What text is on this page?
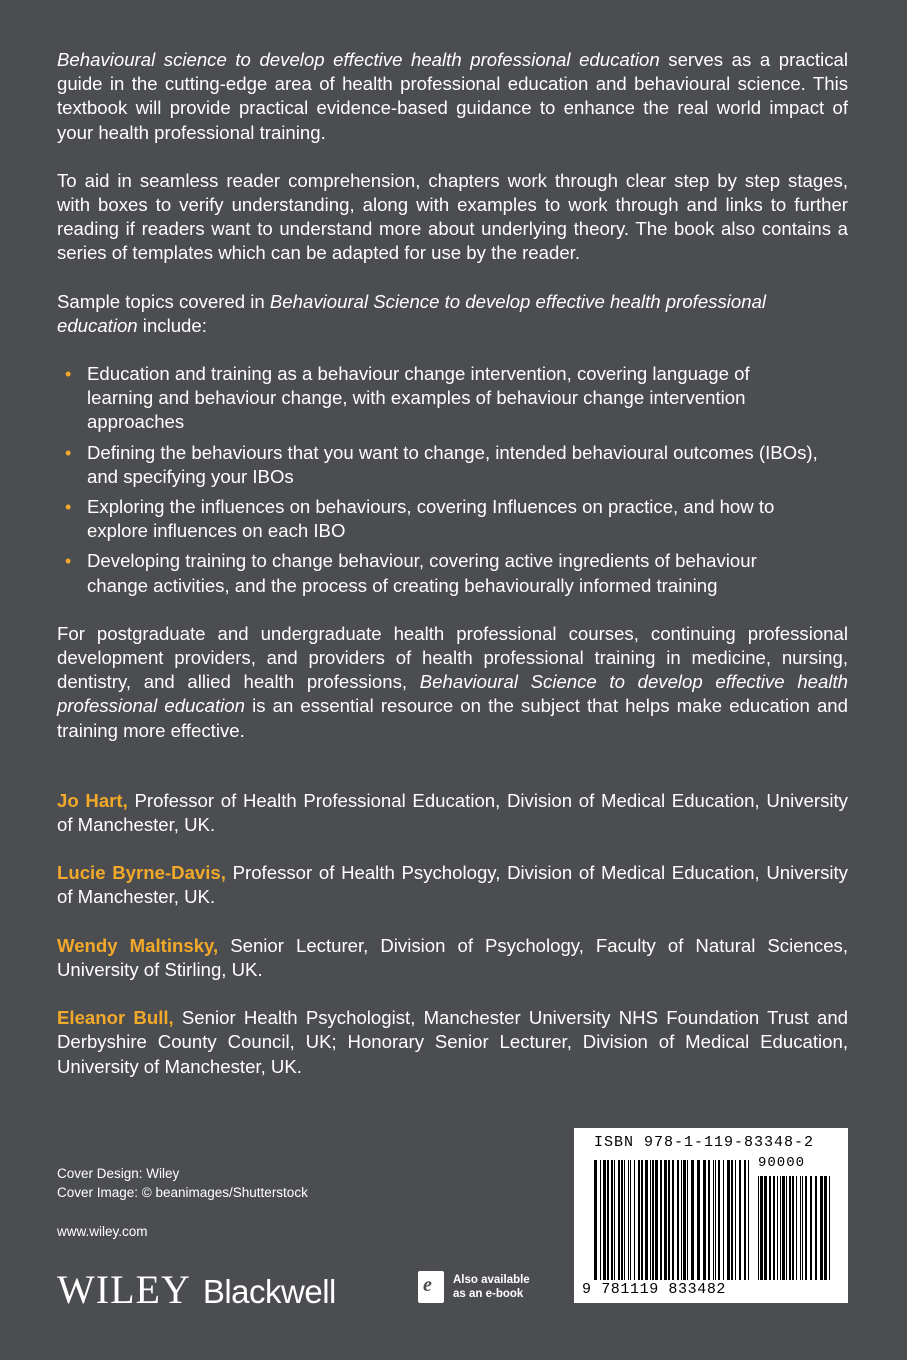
Behavioural science to develop effective health professional education serves as a practical guide in the cutting-edge area of health professional education and behavioural science. This textbook will provide practical evidence-based guidance to enhance the real world impact of your health professional training.

To aid in seamless reader comprehension, chapters work through clear step by step stages, with boxes to verify understanding, along with examples to work through and links to further reading if readers want to understand more about underlying theory. The book also contains a series of templates which can be adapted for use by the reader.

Sample topics covered in Behavioural Science to develop effective health professional education include:

• Education and training as a behaviour change intervention, covering language of learning and behaviour change, with examples of behaviour change intervention approaches
• Defining the behaviours that you want to change, intended behavioural outcomes (IBOs), and specifying your IBOs
• Exploring the influences on behaviours, covering Influences on practice, and how to explore influences on each IBO
• Developing training to change behaviour, covering active ingredients of behaviour change activities, and the process of creating behaviourally informed training

For postgraduate and undergraduate health professional courses, continuing professional development providers, and providers of health professional training in medicine, nursing, dentistry, and allied health professions, Behavioural Science to develop effective health professional education is an essential resource on the subject that helps make education and training more effective.

Jo Hart, Professor of Health Professional Education, Division of Medical Education, University of Manchester, UK.

Lucie Byrne-Davis, Professor of Health Psychology, Division of Medical Education, University of Manchester, UK.

Wendy Maltinsky, Senior Lecturer, Division of Psychology, Faculty of Natural Sciences, University of Stirling, UK.

Eleanor Bull, Senior Health Psychologist, Manchester University NHS Foundation Trust and Derbyshire County Council, UK; Honorary Senior Lecturer, Division of Medical Education, University of Manchester, UK.

Cover Design: Wiley
Cover Image: © beanimages/Shutterstock
www.wiley.com
WILEY Blackwell	e Also available
as an e-book
ISBN 978-1-119-83348-2
90000
9 781119 833482
